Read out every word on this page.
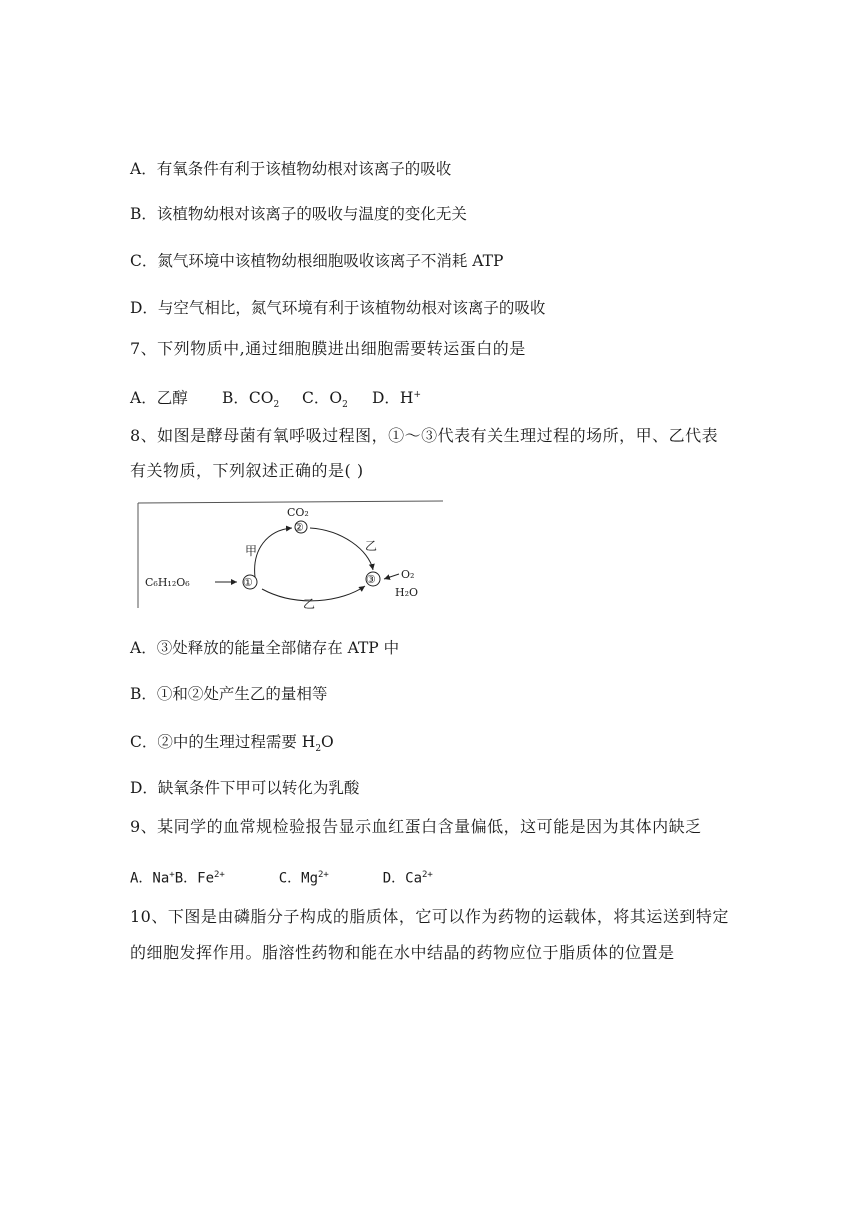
A．有氧条件有利于该植物幼根对该离子的吸收
B．该植物幼根对该离子的吸收与温度的变化无关
C．氮气环境中该植物幼根细胞吸收该离子不消耗 ATP
D．与空气相比，氮气环境有利于该植物幼根对该离子的吸收
7、下列物质中,通过细胞膜进出细胞需要转运蛋白的是
A．乙醇 B．$CO_2$ C．$O_2$ D．H+
8、如图是酵母菌有氧呼吸过程图，①～③代表有关生理过程的场所，甲、乙代表
有关物质，下列叙述正确的是( )
CO₂
②
甲	乙
C₆H₁₂O₆	①	③ O₂
H₂O
乙
A．③处释放的能量全部储存在 ATP 中
B．①和②处产生乙的量相等
C．②中的生理过程需要 $H_2O$
D．缺氧条件下甲可以转化为乳酸
9、某同学的血常规检验报告显示血红蛋白含量偏低，这可能是因为其体内缺乏
A．Na+B．$Fe^{2+}$	C．$Mg^{2+}$	D．$Ca^{2+}$
10、下图是由磷脂分子构成的脂质体，它可以作为药物的运载体，将其运送到特定
的细胞发挥作用。脂溶性药物和能在水中结晶的药物应位于脂质体的位置是
